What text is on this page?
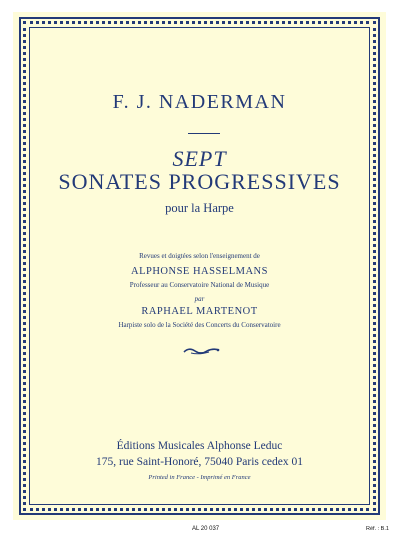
F. J. NADERMAN
SEPT
SONATES PROGRESSIVES
pour la Harpe
Revues et doigtées selon l'enseignement de
ALPHONSE HASSELMANS
Professeur au Conservatoire National de Musique
par
RAPHAEL MARTENOT
Harpiste solo de la Société des Concerts du Conservatoire
Éditions Musicales Alphonse Leduc
175, rue Saint-Honoré, 75040 Paris cedex 01
Printed in France - Imprimé en France
AL 20 037	Réf. : B.1
